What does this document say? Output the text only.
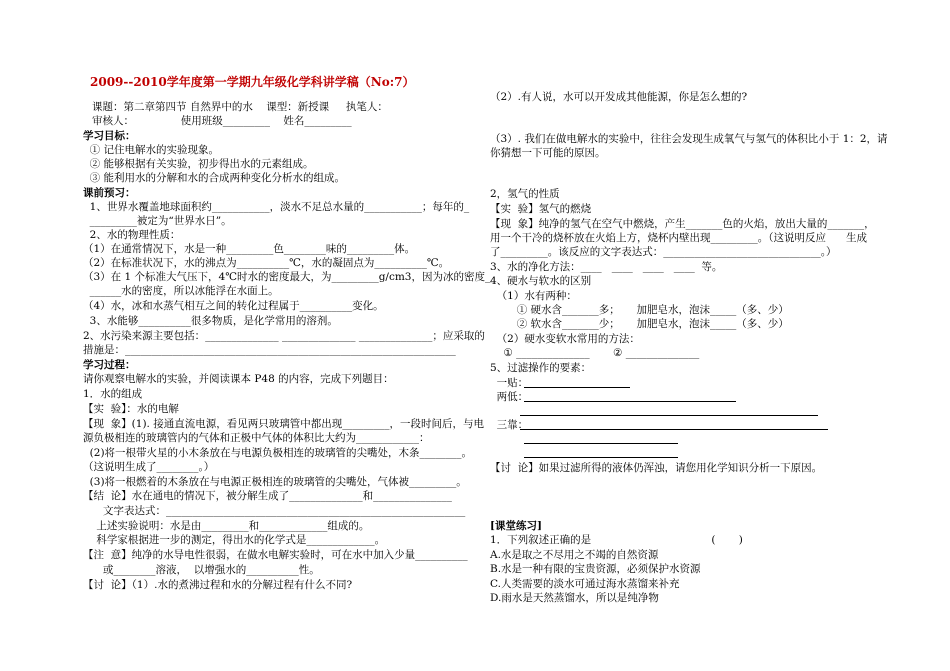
2009--2010学年度第一学期九年级化学科讲学稿（No:7）
课题：第二章第四节 自然界中的水    课型：新授课     执笔人：
审核人：              使用班级_________    姓名_________
学习目标：
① 记住电解水的实验现象。
② 能够根据有关实验，初步得出水的元素组成。
③ 能利用水的分解和水的合成两种变化分析水的组成。
课前预习：
1、世界水覆盖地球面积约___________，淡水不足总水量的___________；每年的_
_________被定为“世界水日”。
2、水的物理性质：
（1）在通常情况下，水是一种_________色________味的_________体。
（2）在标准状况下，水的沸点为__________℃，水的凝固点为__________℃。
（3）在 1 个标准大气压下，4℃时水的密度最大，为_________g/cm3，因为冰的密度_
______水的密度，所以冰能浮在水面上。
（4）水，冰和水蒸气相互之间的转化过程属于__________变化。
3、水能够__________很多物质，是化学常用的溶剂。
2、水污染来源主要包括：______________ ______________ ______________；应采取的
措施是：_______________________________________________________________
学习过程：
请你观察电解水的实验，并阅读课本 P48 的内容，完成下列题目：
1．水的组成
【实  验】：水的电解
【现  象】(1). 接通直流电源，看见两只玻璃管中都出现_________，一段时间后，与电
源负极相连的玻璃管内的气体和正极中气体的体积比大约为____________：
(2)将一根带火星的小木条放在与电源负极相连的玻璃管的尖嘴处，木条________。
（这说明生成了________。）
(3)将一根燃着的木条放在与电源正极相连的玻璃管的尖嘴处，气体被_________。
【结  论】水在通电的情况下，被分解生成了______________和_______________
文字表达式：_________________________________________________________
上述实验说明：水是由_________和_____________组成的。
科学家根据进一步的测定，得出水的化学式是_____________。
【注  意】纯净的水导电性很弱，在做水电解实验时，可在水中加入少量__________
或________溶液，  以增强水的__________性。
【讨  论】（1）.水的煮沸过程和水的分解过程有什么不同?
（2）.有人说，水可以开发成其他能源，你是怎么想的?
（3）. 我们在做电解水的实验中，往往会发现生成氧气与氢气的体积比小于 1：2，请
你猜想一下可能的原因。
2，氢气的性质
【实  验】氢气的燃烧
【现  象】纯净的氢气在空气中燃烧，产生_______色的火焰，放出大量的_______，
用一个干冷的烧杯放在火焰上方，烧杯内壁出现_________。（这说明反应      生成
了_________。该反应的文字表达式：______________________________。）
3、水的净化方法：____   ____   ____   ____  等。
4、硬水与软水的区别
（1）水有两种：
① 硬水含_______多；     加肥皂水，泡沫_____（多、少）
② 软水含_______少；     加肥皂水，泡沫_____（多、少）
（2）硬水变软水常用的方法：
① ______________       ② ______________
5、过滤操作的要素：
一贴：
两低：
三靠：
【讨  论】如果过滤所得的液体仍浑浊，请您用化学知识分析一下原因。
[课堂练习]
1．下列叙述正确的是                                    (       )
A.水是取之不尽用之不竭的自然资源
B.水是一种有限的宝贵资源，必须保护水资源
C.人类需要的淡水可通过海水蒸馏来补充
D.雨水是天然蒸馏水，所以是纯净物
